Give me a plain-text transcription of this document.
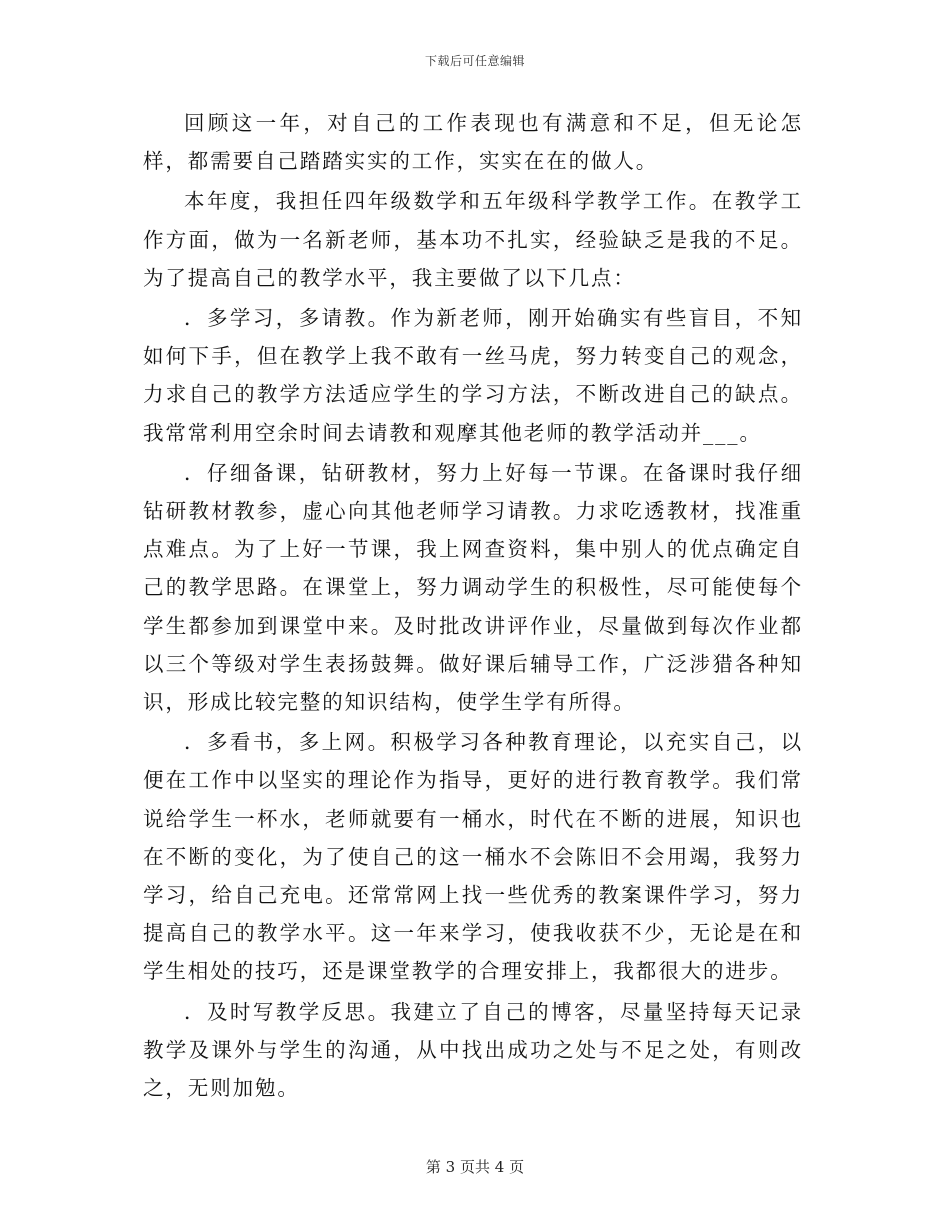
下载后可任意编辑

回顾这一年，对自己的工作表现也有满意和不足，但无论怎样，都需要自己踏踏实实的工作，实实在在的做人。

本年度，我担任四年级数学和五年级科学教学工作。在教学工作方面，做为一名新老师，基本功不扎实，经验缺乏是我的不足。为了提高自己的教学水平，我主要做了以下几点：

．多学习，多请教。作为新老师，刚开始确实有些盲目，不知如何下手，但在教学上我不敢有一丝马虎，努力转变自己的观念，力求自己的教学方法适应学生的学习方法，不断改进自己的缺点。我常常利用空余时间去请教和观摩其他老师的教学活动并___。

．仔细备课，钻研教材，努力上好每一节课。在备课时我仔细钻研教材教参，虚心向其他老师学习请教。力求吃透教材，找准重点难点。为了上好一节课，我上网查资料，集中别人的优点确定自己的教学思路。在课堂上，努力调动学生的积极性，尽可能使每个学生都参加到课堂中来。及时批改讲评作业，尽量做到每次作业都以三个等级对学生表扬鼓舞。做好课后辅导工作，广泛涉猎各种知识，形成比较完整的知识结构，使学生学有所得。

．多看书，多上网。积极学习各种教育理论，以充实自己，以便在工作中以坚实的理论作为指导，更好的进行教育教学。我们常说给学生一杯水，老师就要有一桶水，时代在不断的进展，知识也在不断的变化，为了使自己的这一桶水不会陈旧不会用竭，我努力学习，给自己充电。还常常网上找一些优秀的教案课件学习，努力提高自己的教学水平。这一年来学习，使我收获不少，无论是在和学生相处的技巧，还是课堂教学的合理安排上，我都很大的进步。

．及时写教学反思。我建立了自己的博客，尽量坚持每天记录教学及课外与学生的沟通，从中找出成功之处与不足之处，有则改之，无则加勉。

第 3 页共 4 页
